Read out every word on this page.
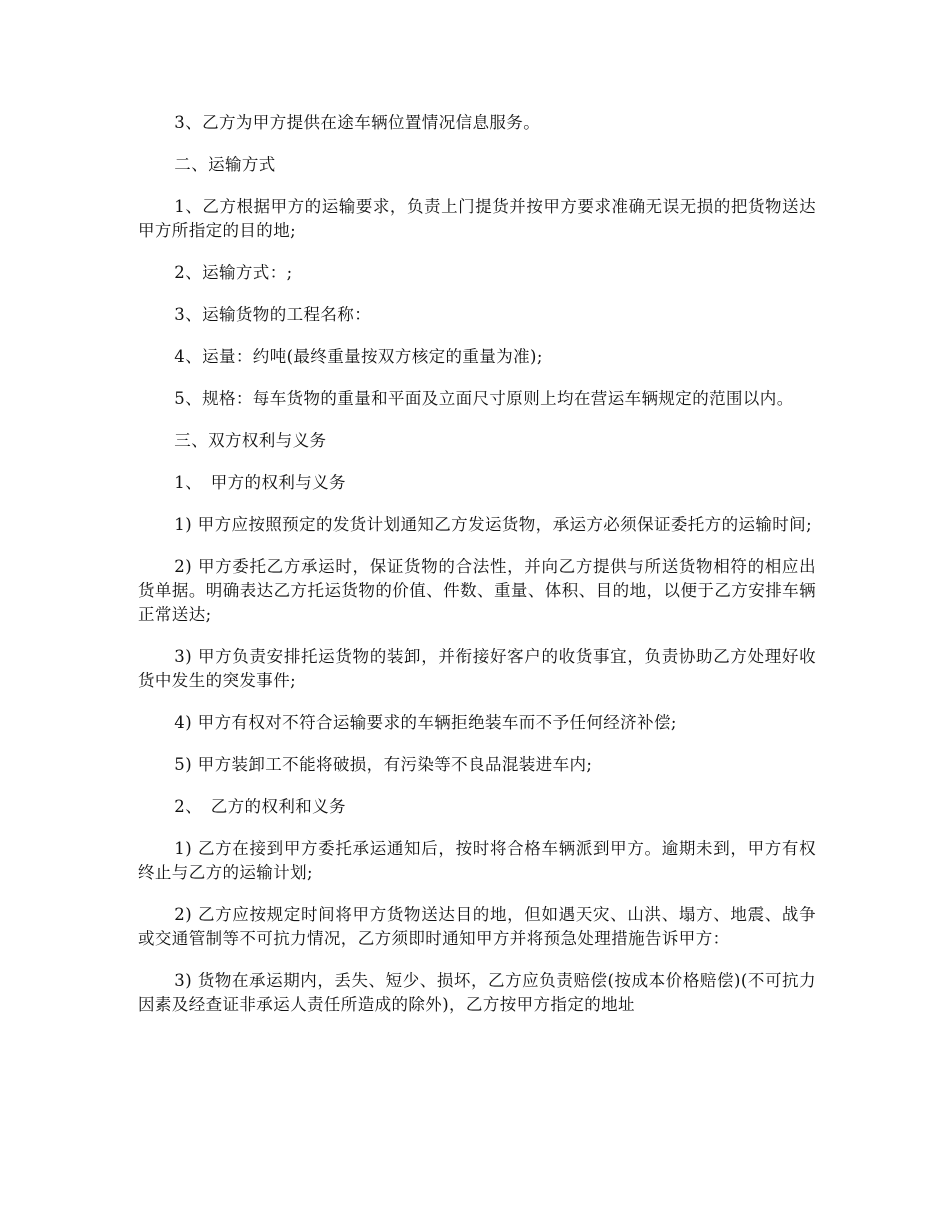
3、乙方为甲方提供在途车辆位置情况信息服务。

二、运输方式

1、乙方根据甲方的运输要求，负责上门提货并按甲方要求准确无误无损的把货物送达甲方所指定的目的地;

2、运输方式：;

3、运输货物的工程名称：

4、运量：约吨(最终重量按双方核定的重量为准);

5、规格：每车货物的重量和平面及立面尺寸原则上均在营运车辆规定的范围以内。

三、双方权利与义务

1、　甲方的权利与义务

1) 甲方应按照预定的发货计划通知乙方发运货物，承运方必须保证委托方的运输时间;

2) 甲方委托乙方承运时，保证货物的合法性，并向乙方提供与所送货物相符的相应出货单据。明确表达乙方托运货物的价值、件数、重量、体积、目的地，以便于乙方安排车辆正常送达;

3) 甲方负责安排托运货物的装卸，并衔接好客户的收货事宜，负责协助乙方处理好收货中发生的突发事件;

4) 甲方有权对不符合运输要求的车辆拒绝装车而不予任何经济补偿;

5) 甲方装卸工不能将破损，有污染等不良品混装进车内;

2、　乙方的权利和义务

1) 乙方在接到甲方委托承运通知后，按时将合格车辆派到甲方。逾期未到，甲方有权终止与乙方的运输计划;

2) 乙方应按规定时间将甲方货物送达目的地，但如遇天灾、山洪、塌方、地震、战争或交通管制等不可抗力情况，乙方须即时通知甲方并将预急处理措施告诉甲方：

3) 货物在承运期内，丢失、短少、损坏，乙方应负责赔偿(按成本价格赔偿)(不可抗力因素及经查证非承运人责任所造成的除外)，乙方按甲方指定的地址
